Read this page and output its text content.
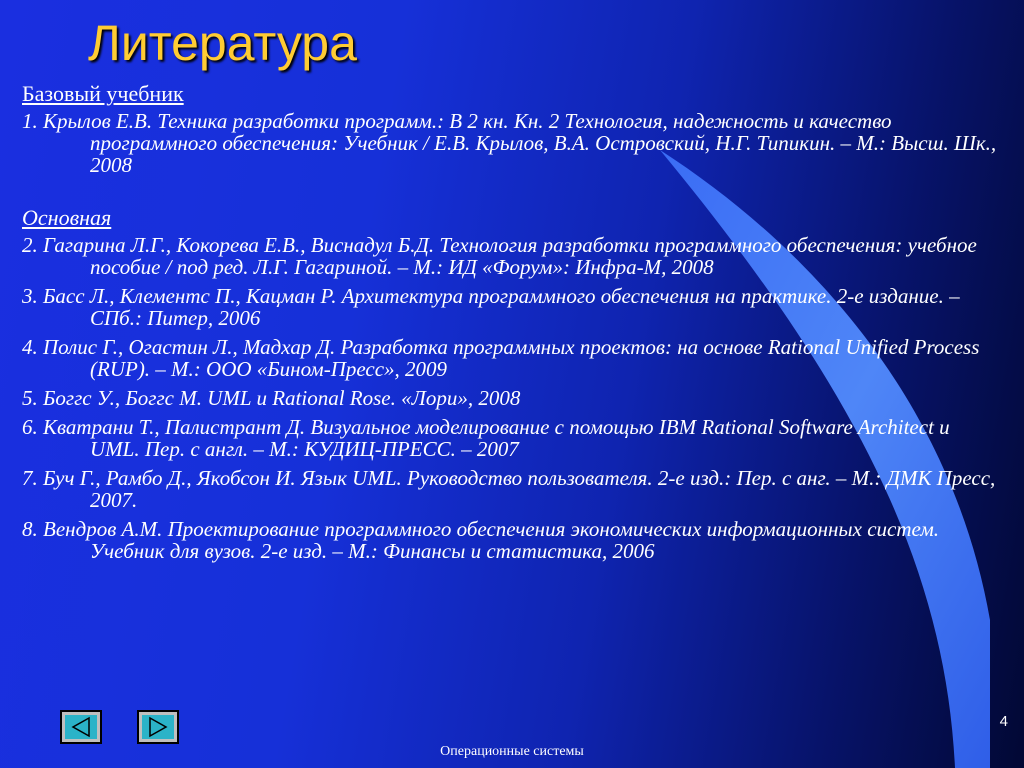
Литература
Базовый учебник
1. Крылов Е.В. Техника разработки программ.: В 2 кн. Кн. 2 Технология, надежность и качество программного обеспечения: Учебник / Е.В. Крылов, В.А. Островский, Н.Г. Типикин. – М.: Высш. Шк., 2008
Основная
2. Гагарина Л.Г., Кокорева Е.В., Виснадул Б.Д. Технология разработки программного обеспечения: учебное пособие / под ред. Л.Г. Гагариной. – М.: ИД «Форум»: Инфра-М, 2008
3. Басс Л., Клементс П., Кацман Р. Архитектура программного обеспечения на практике. 2-е издание. – СПб.: Питер, 2006
4. Полис Г., Огастин Л., Мадхар Д. Разработка программных проектов: на основе Rational Unified Process (RUP). – М.: ООО «Бином-Пресс», 2009
5. Боггс У., Боггс М. UML и Rational Rose. «Лори», 2008
6. Кватрани Т., Палистрант Д. Визуальное моделирование с помощью IBM Rational Software Architect и UML. Пер. с англ. – М.: КУДИЦ-ПРЕСС. – 2007
7. Буч Г., Рамбо Д., Якобсон И. Язык UML. Руководство пользователя. 2-е изд.: Пер. с анг. – М.: ДМК Пресс, 2007.
8. Вендров А.М. Проектирование программного обеспечения экономических информационных систем. Учебник для вузов. 2-е изд. – М.: Финансы и статистика, 2006
4
Операционные системы
